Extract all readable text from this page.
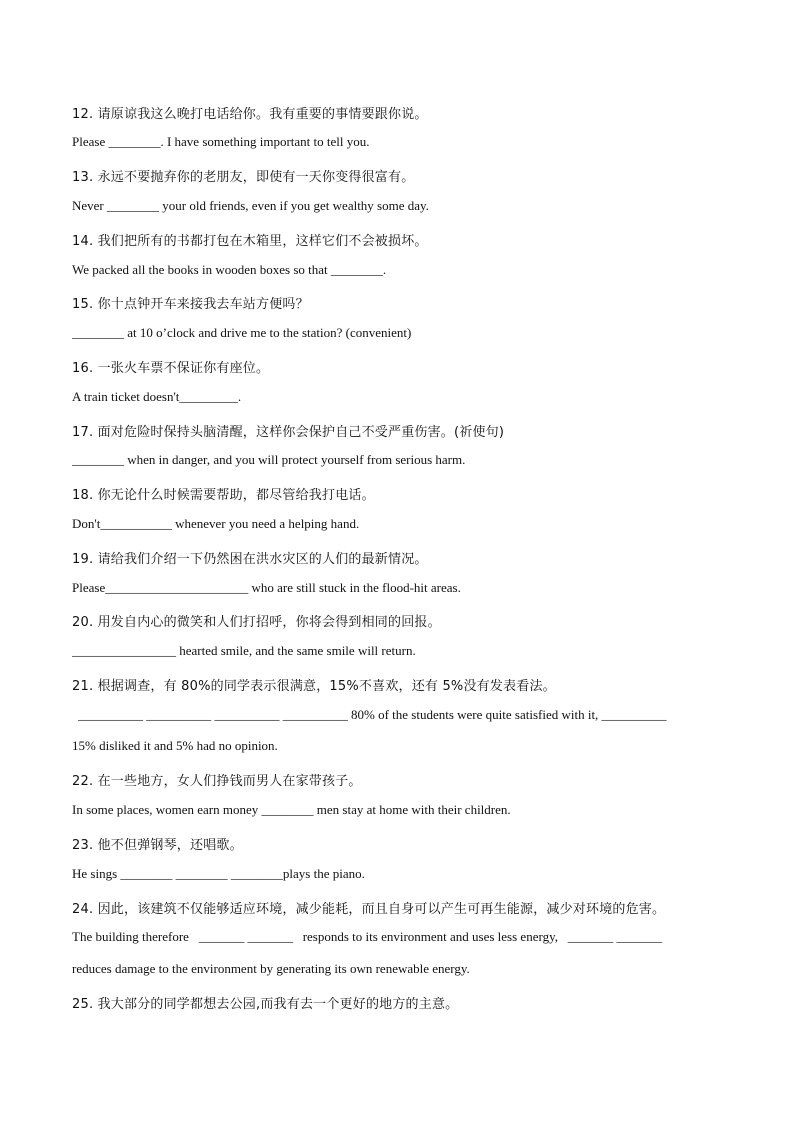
12. 请原谅我这么晚打电话给你。我有重要的事情要跟你说。
Please ________. I have something important to tell you.
13. 永远不要抛弃你的老朋友，即使有一天你变得很富有。
Never ________ your old friends, even if you get wealthy some day.
14. 我们把所有的书都打包在木箱里，这样它们不会被损坏。
We packed all the books in wooden boxes so that ________.
15. 你十点钟开车来接我去车站方便吗？
________ at 10 o’clock and drive me to the station? (convenient)
16. 一张火车票不保证你有座位。
A train ticket doesn't_________.
17. 面对危险时保持头脑清醒，这样你会保护自己不受严重伤害。(祈使句)
________ when in danger, and you will protect yourself from serious harm.
18. 你无论什么时候需要帮助，都尽管给我打电话。
Don't___________ whenever you need a helping hand.
19. 请给我们介绍一下仍然困在洪水灾区的人们的最新情况。
Please______________________ who are still stuck in the flood-hit areas.
20. 用发自内心的微笑和人们打招呼，你将会得到相同的回报。
________________ hearted smile, and the same smile will return.
21. 根据调查，有 80%的同学表示很满意，15%不喜欢，还有 5%没有发表看法。
__________ __________ __________ __________ 80% of the students were quite satisfied with it, __________
15% disliked it and 5% had no opinion.
22. 在一些地方，女人们挣钱而男人在家带孩子。
In some places, women earn money ________ men stay at home with their children.
23. 他不但弹钢琴，还唱歌。
He sings ________ ________ ________plays the piano.
24. 因此，该建筑不仅能够适应环境，减少能耗，而且自身可以产生可再生能源，减少对环境的危害。
The building therefore   _______ _______   responds to its environment and uses less energy,   _______ _______
reduces damage to the environment by generating its own renewable energy.
25. 我大部分的同学都想去公园,而我有去一个更好的地方的主意。
